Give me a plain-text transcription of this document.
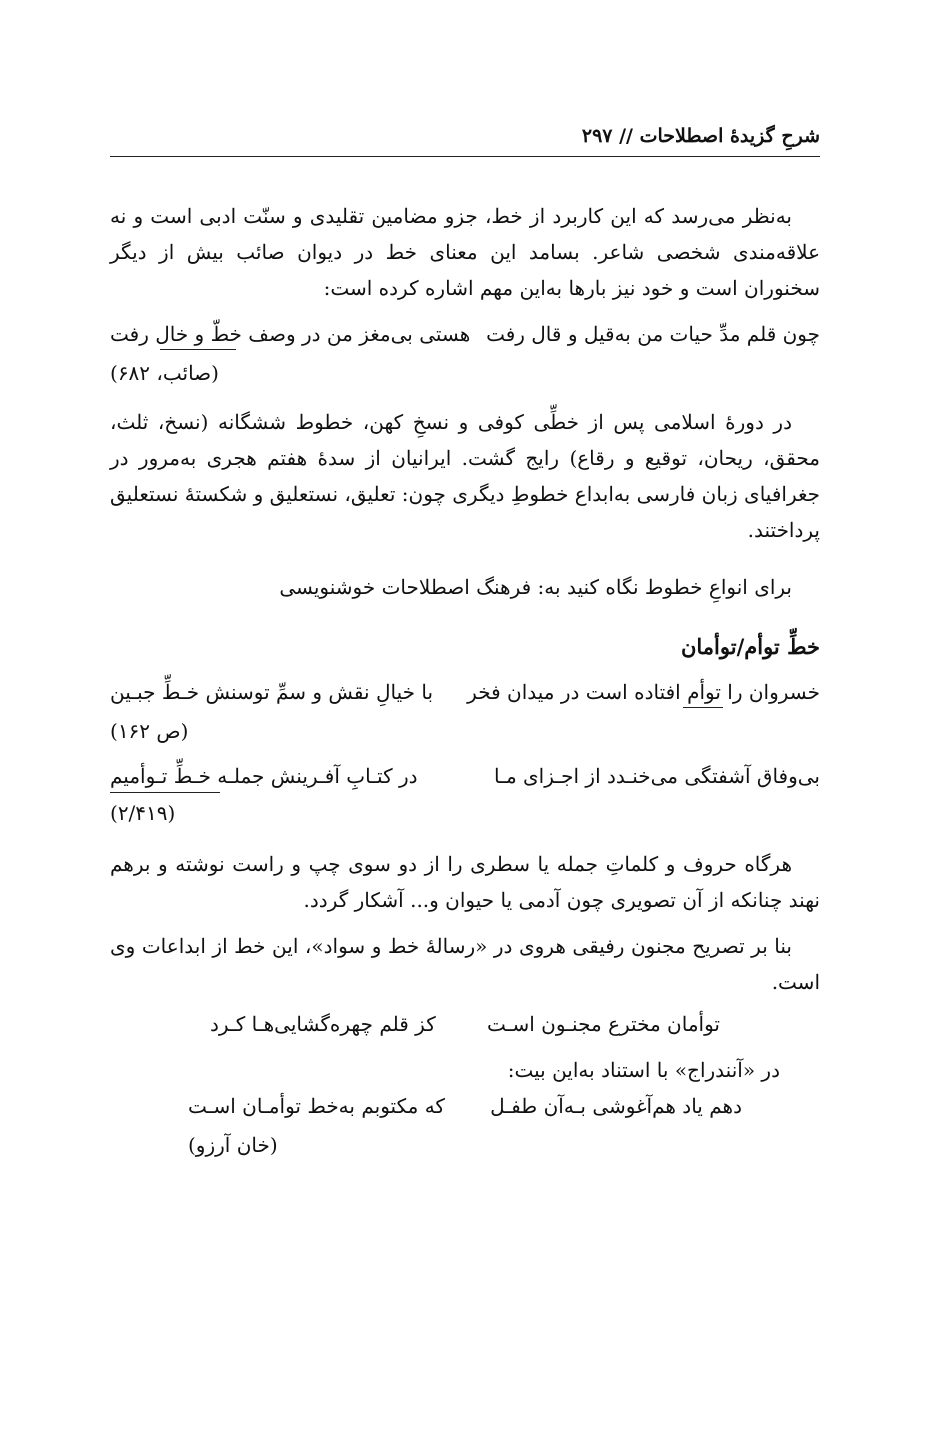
شرحِ گزیدهٔ اصطلاحات // ۲۹۷
به‌نظر می‌رسد که این کاربرد از خط، جزو مضامین تقلیدی و سنّت ادبی است و نه علاقه‌مندی شخصی شاعر. بسامد این معنای خط در دیوان صائب بیش از دیگر سخنوران است و خود نیز بارها به‌این مهم اشاره کرده است:
چون قلم مدِّ حیات من به‌قیل و قال رفت
هستی بی‌مغز من در وصف خطّ و خال رفت
(صائب، ۶۸۲)
در دورهٔ اسلامی پس از خطِّی کوفی و نسخِ کهن، خطوط ششگانه (نسخ، ثلث، محقق، ریحان، توقیع و رقاع) رایج گشت. ایرانیان از سدهٔ هفتم هجری به‌مرور در جغرافیای زبان فارسی به‌ابداع خطوطِ دیگری چون: تعلیق، نستعلیق و شکستهٔ نستعلیق پرداختند.
برای انواعِ خطوط نگاه کنید به: فرهنگ اصطلاحات خوشنویسی
خطِّ توأم/توأمان
خسروان را توأم افتاده است در میدان فخر
با خیالِ نقش و سمِّ توسنش خـطِّ جبـین
(ص ۱۶۲)
بی‌وفاق آشفتگی می‌خنـدد از اجـزای مـا
در کتـابِ آفـرینش جملـه خـطِّ تـوأمیم
(۲/۴۱۹)
هرگاه حروف و کلماتِ جمله یا سطری را از دو سوی چپ و راست نوشته و برهم نهند چنانکه از آن تصویری چون آدمی یا حیوان و... آشکار گردد.
بنا بر تصریح مجنون رفیقی هروی در «رسالهٔ خط و سواد»، این خط از ابداعات وی است.
توأمان مخترع مجنـون اسـت
کز قلم چهره‌گشایی‌هـا کـرد
در «آنندراج» با استناد به‌این بیت:
دهم یاد هم‌آغوشی بـه‌آن طفـل
که مکتوبم به‌خط توأمـان اسـت
(خان آرزو)
